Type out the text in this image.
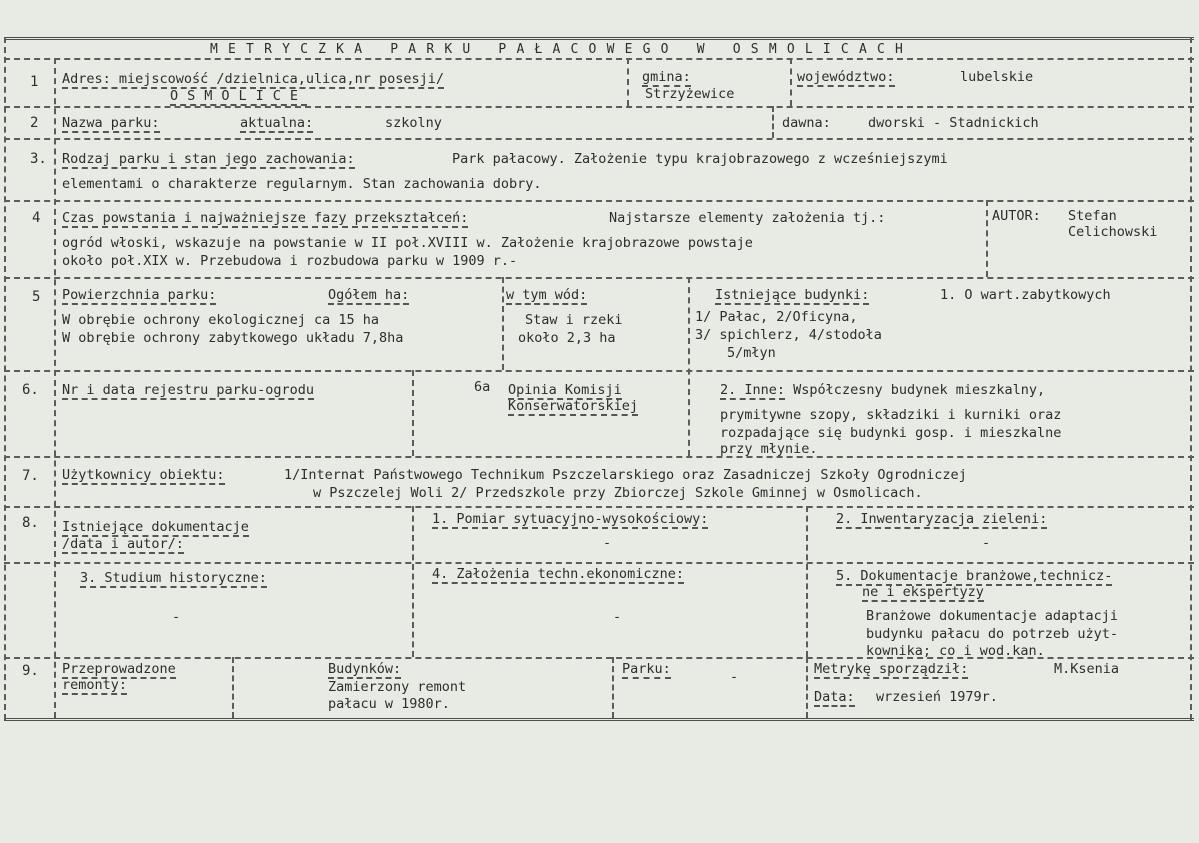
METRYCZKA PARKU PAŁACOWEGO W OSMOLICACH
1 Adres: miejscowość /dzielnica,ulica,nr posesji/
OSMOLICE
gmina:
Strzyżewice
województwo:	lubelskie
2 Nazwa parku:	aktualna:	szkolny	dawna:	dworski - Stadnickich
3. Rodzaj parku i stan jego zachowania:	Park pałacowy. Założenie typu krajobrazowego z wcześniejszymi
elementami o charakterze regularnym. Stan zachowania dobry.
4 Czas powstania i najważniejsze fazy przekształceń:	Najstarsze elementy założenia tj.:
ogród włoski, wskazuje na powstanie w II poł.XVIII w. Założenie krajobrazowe powstaje
około poł.XIX w. Przebudowa i rozbudowa parku w 1909 r.-
AUTOR: Stefan
Celichowski
5 Powierzchnia parku:	Ogółem ha:
W obrębie ochrony ekologicznej ca 15 ha
W obrębie ochrony zabytkowego układu 7,8ha
w tym wód:
Staw i rzeki
około 2,3 ha
Istniejące budynki:	1. O wart.zabytkowych
1/ Pałac, 2/Oficyna,
3/ spichlerz, 4/stodoła
5/młyn
6. Nr i data rejestru parku-ogrodu	6a Opinia Komisji
Konserwatorskiej
2. Inne: Współczesny budynek mieszkalny,
prymitywne szopy, składziki i kurniki oraz
rozpadające się budynki gosp. i mieszkalne
przy młynie.
7. Użytkownicy obiektu:	1/Internat Państwowego Technikum Pszczelarskiego oraz Zasadniczej Szkoły Ogrodniczej
w Pszczelej Woli 2/ Przedszkole przy Zbiorczej Szkole Gminnej w Osmolicach.
8. Istniejące dokumentacje
/data i autor/:
1. Pomiar sytuacyjno-wysokościowy:
-
2. Inwentaryzacja zieleni:
-
3. Studium historyczne:
-
4. Założenia techn.ekonomiczne:
-
5. Dokumentacje branżowe,technicz-
ne i ekspertyzy
Branżowe dokumentacje adaptacji
budynku pałacu do potrzeb użyt-
kownika; co i wod.kan.
9. Przeprowadzone
remonty:
Budynków:
Zamierzony remont
pałacu w 1980r.
Parku:	-	Metrykę sporządził:	M.Ksenia
Data: wrzesień 1979r.
